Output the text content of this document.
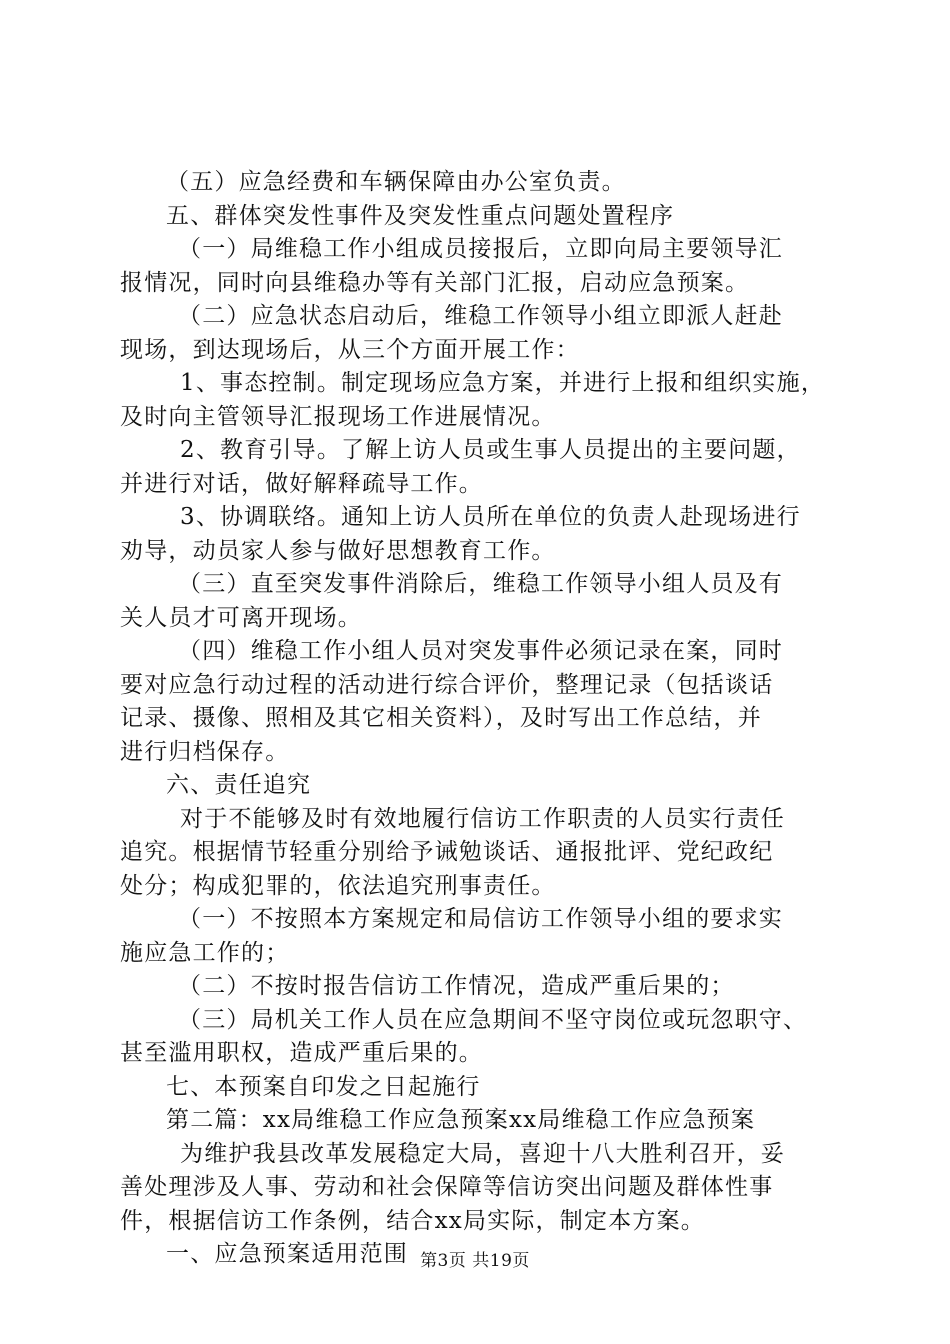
（五）应急经费和车辆保障由办公室负责。

五、群体突发性事件及突发性重点问题处置程序

（一）局维稳工作小组成员接报后，立即向局主要领导汇

报情况，同时向县维稳办等有关部门汇报，启动应急预案。

（二）应急状态启动后，维稳工作领导小组立即派人赶赴

现场，到达现场后，从三个方面开展工作：

1、事态控制。制定现场应急方案，并进行上报和组织实施，

及时向主管领导汇报现场工作进展情况。

2、教育引导。了解上访人员或生事人员提出的主要问题，

并进行对话，做好解释疏导工作。

3、协调联络。通知上访人员所在单位的负责人赴现场进行

劝导，动员家人参与做好思想教育工作。

（三）直至突发事件消除后，维稳工作领导小组人员及有

关人员才可离开现场。

（四）维稳工作小组人员对突发事件必须记录在案，同时

要对应急行动过程的活动进行综合评价，整理记录（包括谈话

记录、摄像、照相及其它相关资料），及时写出工作总结，并

进行归档保存。

六、责任追究

对于不能够及时有效地履行信访工作职责的人员实行责任

追究。根据情节轻重分别给予诫勉谈话、通报批评、党纪政纪

处分；构成犯罪的，依法追究刑事责任。

（一）不按照本方案规定和局信访工作领导小组的要求实

施应急工作的；

（二）不按时报告信访工作情况，造成严重后果的；

（三）局机关工作人员在应急期间不坚守岗位或玩忽职守、

甚至滥用职权，造成严重后果的。

七、本预案自印发之日起施行

第二篇：xx局维稳工作应急预案xx局维稳工作应急预案

为维护我县改革发展稳定大局，喜迎十八大胜利召开，妥

善处理涉及人事、劳动和社会保障等信访突出问题及群体性事

件，根据信访工作条例，结合xx局实际，制定本方案。

一、应急预案适用范围 第3页 共19页
